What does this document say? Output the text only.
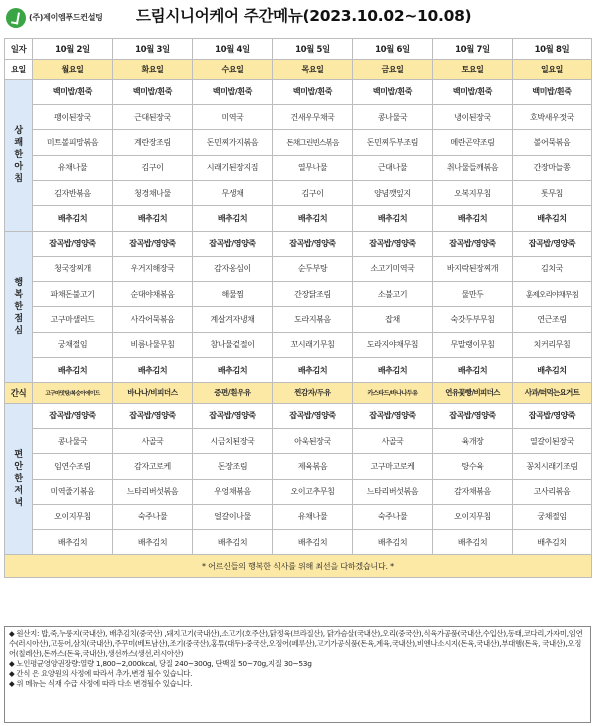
(주)제이엠푸드컨설팅 드림시니어케어 주간메뉴(2023.10.02~10.08)
일자	10월 2일	10월 3일	10월 4일	10월 5일	10월 6일	10월 7일	10월 8일
요일	월요일	화요일	수요일	목요일	금요일	토요일	일요일
상
쾌
한
아
침	백미밥/흰죽	백미밥/흰죽	백미밥/흰죽	백미밥/흰죽	백미밥/흰죽	백미밥/흰죽	백미밥/흰죽
	팽이된장국	근대된장국	미역국	건새우무채국	콩나물국	냉이된장국	호박새우젓국
	미트볼피망볶음	계란장조림	돈민찌가지볶음	돈채그린빈스볶음	돈민찌두부조림	메란곤약조림	볼어묵볶음
	유채나물	김구이	시래기된장지짐	열무나물	근대나물	취나물들깨볶음	간장마늘쫑
	김자반볶음	청경채나물	무생채	김구이	양념깻잎지	오복지무침	톳무침
	배추김치	배추김치	배추김치	배추김치	배추김치	배추김치	배추김치
행
복
한
점
심	잡곡밥/영양죽	잡곡밥/영양죽	잡곡밥/영양죽	잡곡밥/영양죽	잡곡밥/영양죽	잡곡밥/영양죽	잡곡밥/영양죽
	청국장찌개	우거지해장국	감자옹심이	순두부탕	소고기미역국	바지락된장찌개	김치국
	파채돈불고기	순대야채볶음	해물찜	간장닭조림	소불고기	물만두	훈제오리야채무침
	고구마샐러드	사각어묵볶음	계살겨자냉채	도라지볶음	잡채	숙갓두부무침	연근조림
	궁채절임	비름나물무침	참나물겉절이	꼬시래기무침	도라지야채무침	무말랭이무침	치커리무침
	배추김치	배추김치	배추김치	배추김치	배추김치	배추김치	배추김치
간식	고구마맛탕/복숭아에이드	바나나/비피더스	증편/흰우유	찐감자/두유	카스타드/바나나두유	연유꽃빵/비피더스	사과/떠먹는요거트
편
안
한
저
녁	잡곡밥/영양죽	잡곡밥/영양죽	잡곡밥/영양죽	잡곡밥/영양죽	잡곡밥/영양죽	잡곡밥/영양죽	잡곡밥/영양죽
	콩나물국	사골국	시금치된장국	아욱된장국	사골국	육개장	열갈이된장국
	임연수조림	감자고로케	돈장조림	제육볶음	고구마고로케	탕수육	꽁치시래기조림
	미역줄기볶음	느타리버섯볶음	우엉채볶음	오이고추무침	느타리버섯볶음	감자채볶음	고사리볶음
	오이지무침	숙주나물	얼갈이나물	유채나물	숙주나물	오이지무침	궁채절임
	배추김치	배추김치	배추김치	배추김치	배추김치	배추김치	배추김치
* 어르신들의 행복한 식사를 위해 최선을 다하겠습니다. *							

◆ 원산지: 밥,죽,누룽지(국내산), 배추김치(중국산) ,돼지고기(국내산),소고기(호주산),닭정육(브라질산), 닭가슴살(국내산),오리(중국산),식육가공품(국내산,수입산),동태,코다리,가자미,임연수(러시아산),고등어,삼치(국내산),주꾸미(베트남산),조기(중국산),홍튜(대두)-중국산,오징어(페루산),고기가공식품(돈육,계육,국내산),비엔나소시지(돈육,국내산),부대햄(돈육, 국내산),오징어(칠레산),돈까스(돈육,국내산),생선까스(생선,러시아산)

◆ 노인평균영양권장량:열량 1,800~2,000kcal, 당질 240~300g, 단백질 50~70g,지질 30~53g

◆ 간식 은 요양원의 사정에 따라서 추가,변경 될수 있습니다.

◆ 위 메뉴는 식재 수급 사정에 따라 다소 변경될수 있습니다.
